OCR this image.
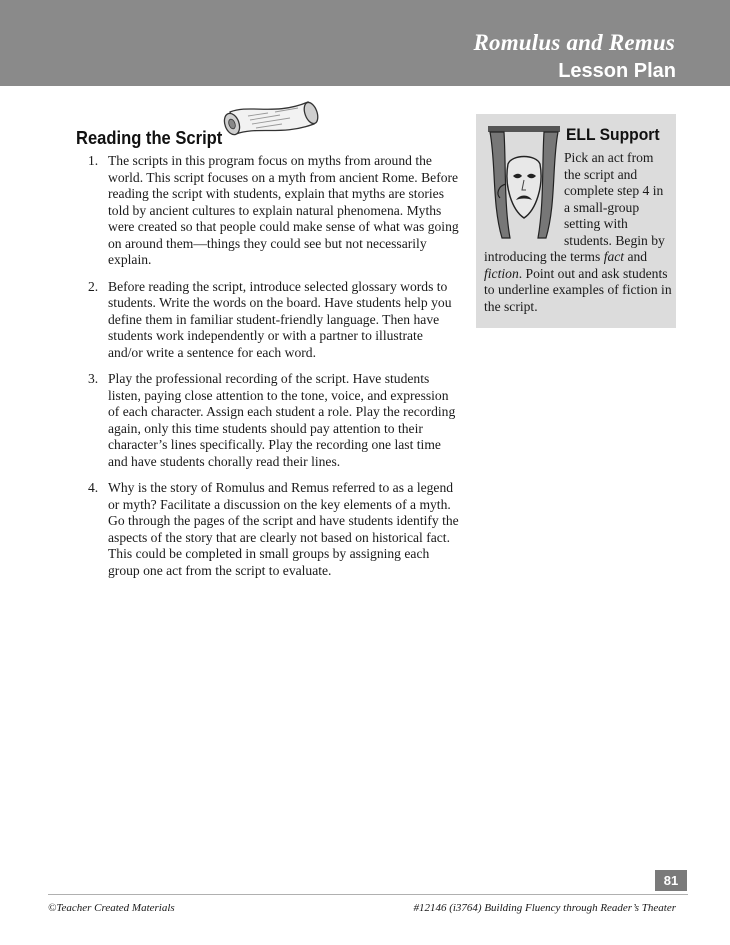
Romulus and Remus
Lesson Plan
Reading the Script
1. The scripts in this program focus on myths from around the world. This script focuses on a myth from ancient Rome. Before reading the script with students, explain that myths are stories told by ancient cultures to explain natural phenomena. Myths were created so that people could make sense of what was going on around them—things they could see but not necessarily explain.
2. Before reading the script, introduce selected glossary words to students. Write the words on the board. Have students help you define them in familiar student-friendly language. Then have students work independently or with a partner to illustrate and/or write a sentence for each word.
3. Play the professional recording of the script. Have students listen, paying close attention to the tone, voice, and expression of each character. Assign each student a role. Play the recording again, only this time students should pay attention to their character’s lines specifically. Play the recording one last time and have students chorally read their lines.
4. Why is the story of Romulus and Remus referred to as a legend or myth? Facilitate a discussion on the key elements of a myth. Go through the pages of the script and have students identify the aspects of the story that are clearly not based on historical fact. This could be completed in small groups by assigning each group one act from the script to evaluate.
ELL Support
Pick an act from the script and complete step 4 in a small-group setting with students. Begin by introducing the terms fact and fiction. Point out and ask students to underline examples of fiction in the script.
81
©Teacher Created Materials	#12146 (i3764) Building Fluency through Reader’s Theater
